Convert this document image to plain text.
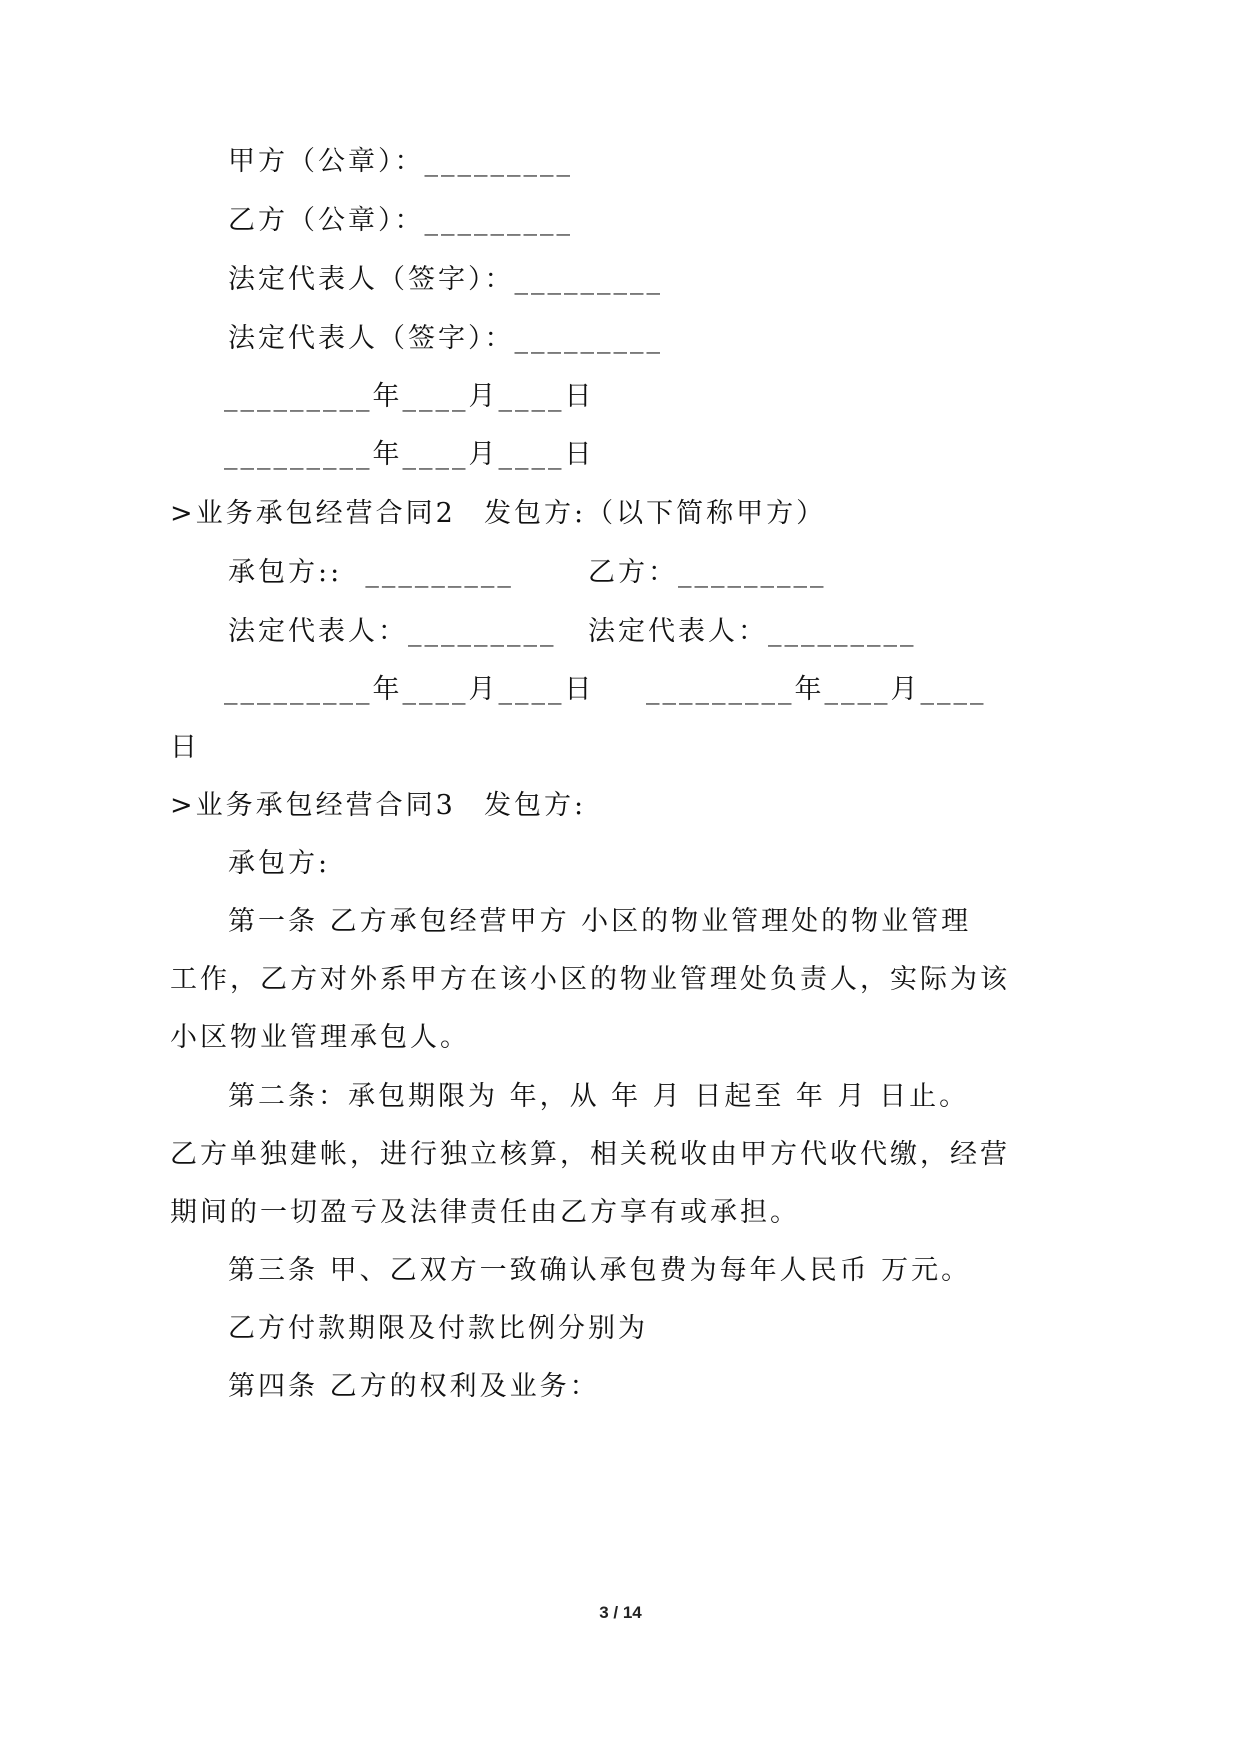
甲方（公章）：_________
乙方（公章）：_________
法定代表人（签字）：_________
法定代表人（签字）：_________
_________年____月____日
_________年____月____日
>业务承包经营合同2 发包方:（以下简称甲方）
承包方::  _________	乙方：_________
法定代表人：_________ 法定代表人：_________
_________年____月____日 _________年____月____
日
>业务承包经营合同3 发包方:
承包方:
第一条 乙方承包经营甲方 小区的物业管理处的物业管理
工作，乙方对外系甲方在该小区的物业管理处负责人，实际为该
小区物业管理承包人。
第二条：承包期限为 年，从 年 月 日起至 年 月 日止。
乙方单独建帐，进行独立核算，相关税收由甲方代收代缴，经营
期间的一切盈亏及法律责任由乙方享有或承担。
第三条 甲、乙双方一致确认承包费为每年人民币 万元。
乙方付款期限及付款比例分别为
第四条 乙方的权利及业务：
3 / 14
